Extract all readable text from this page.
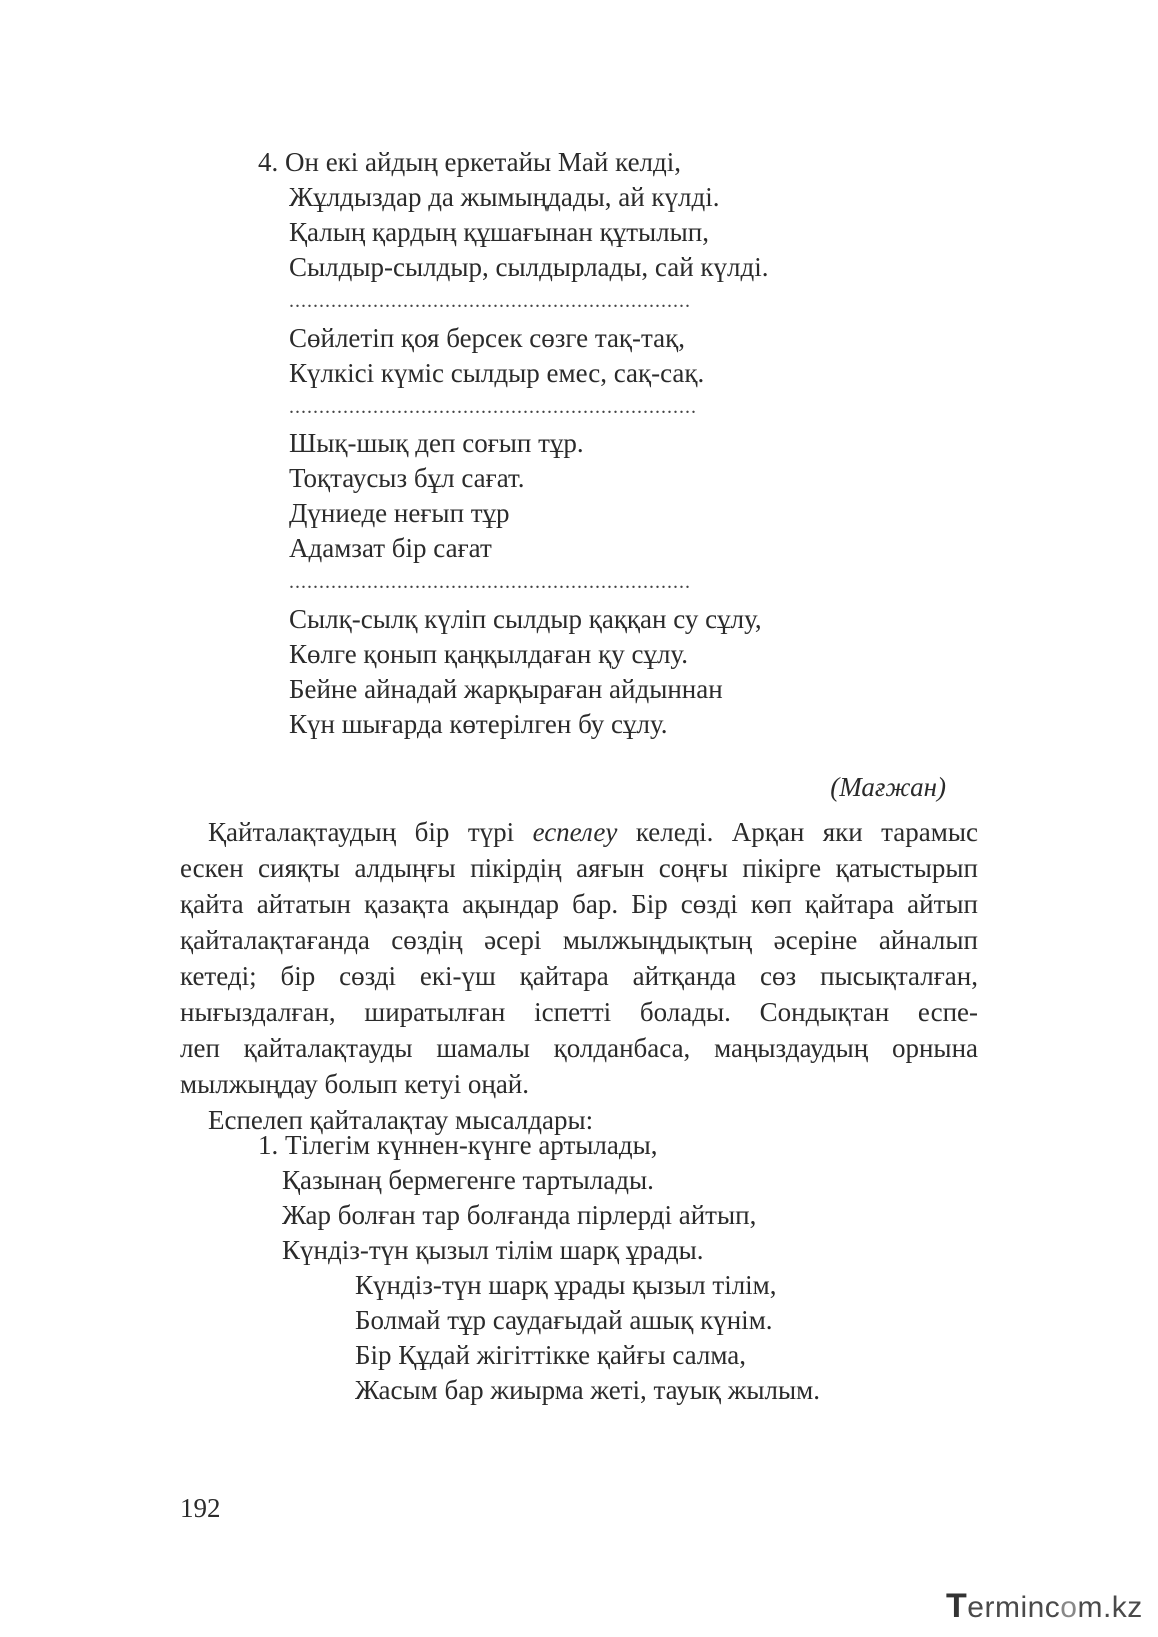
4. Он екі айдың еркетайы Май келді,
Жұлдыздар да жымыңдады, ай күлді.
Қалың қардың құшағынан құтылып,
Сылдыр-сылдыр, сылдырлады, сай күлді.
...................................................................
Сөйлетіп қоя берсек сөзге тақ-тақ,
Күлкісі күміс сылдыр емес, сақ-сақ.
....................................................................
Шық-шық деп соғып тұр.
Тоқтаусыз бұл сағат.
Дүниеде неғып тұр
Адамзат бір сағат
...................................................................
Сылқ-сылқ күліп сылдыр қаққан су сұлу,
Көлге қонып қаңқылдаған қу сұлу.
Бейне айнадай жарқыраған айдыннан
Күн шығарда көтерілген бу сұлу.
(Мағжан)
Қайталақтаудың бір түрі еспелеу келеді. Арқан яки тарамыс
ескен сияқты алдыңғы пікірдің аяғын соңғы пікірге қатыстырып
қайта айтатын қазақта ақындар бар. Бір сөзді көп қайтара айтып
қайталақтағанда сөздің әсері мылжыңдықтың әсеріне айналып
кетеді; бір сөзді екі-үш қайтара айтқанда сөз пысықталған,
нығыздалған, ширатылған іспетті болады. Сондықтан еспе-
леп қайталақтауды шамалы қолданбаса, маңыздаудың орнына
мылжыңдау болып кетуі оңай.
Еспелеп қайталақтау мысалдары:
1. Тілегім күннен-күнге артылады,
Қазынаң бермегенге тартылады.
Жар болған тар болғанда пірлерді айтып,
Күндіз-түн қызыл тілім шарқ ұрады.
Күндіз-түн шарқ ұрады қызыл тілім,
Болмай тұр саудағыдай ашық күнім.
Бір Құдай жігіттікке қайғы салма,
Жасым бар жиырма жеті, тауық жылым.
192
Termincom.kz
